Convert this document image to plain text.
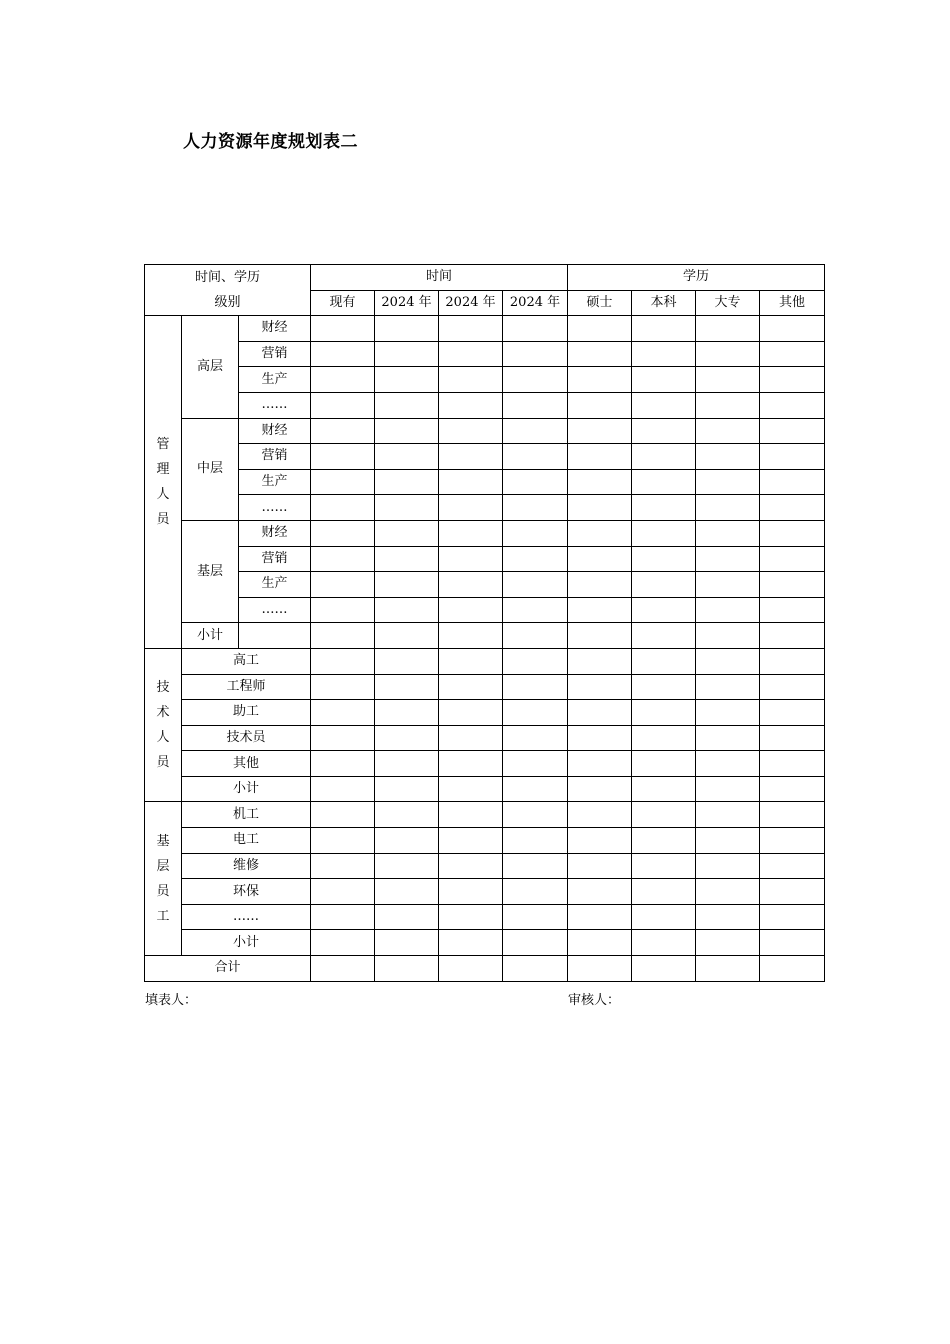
人力资源年度规划表二
时间、学历			时间				学历			
级别			现有	2024 年	2024 年	2024 年	硕士	本科	大专	其他

管理人员	高层	财经								
		营销								
		生产								
		……								
	中层	财经								
		营销								
		生产								
		……								
	基层	财经								
		营销								
		生产								
		……								
	小计									

技术人员	高工									
	工程师									
	助工									
	技术员									
	其他									
	小计									

基层员工	机工									
	电工									
	维修									
	环保									
	……									
	小计									
合计										
填表人：	审核人：
